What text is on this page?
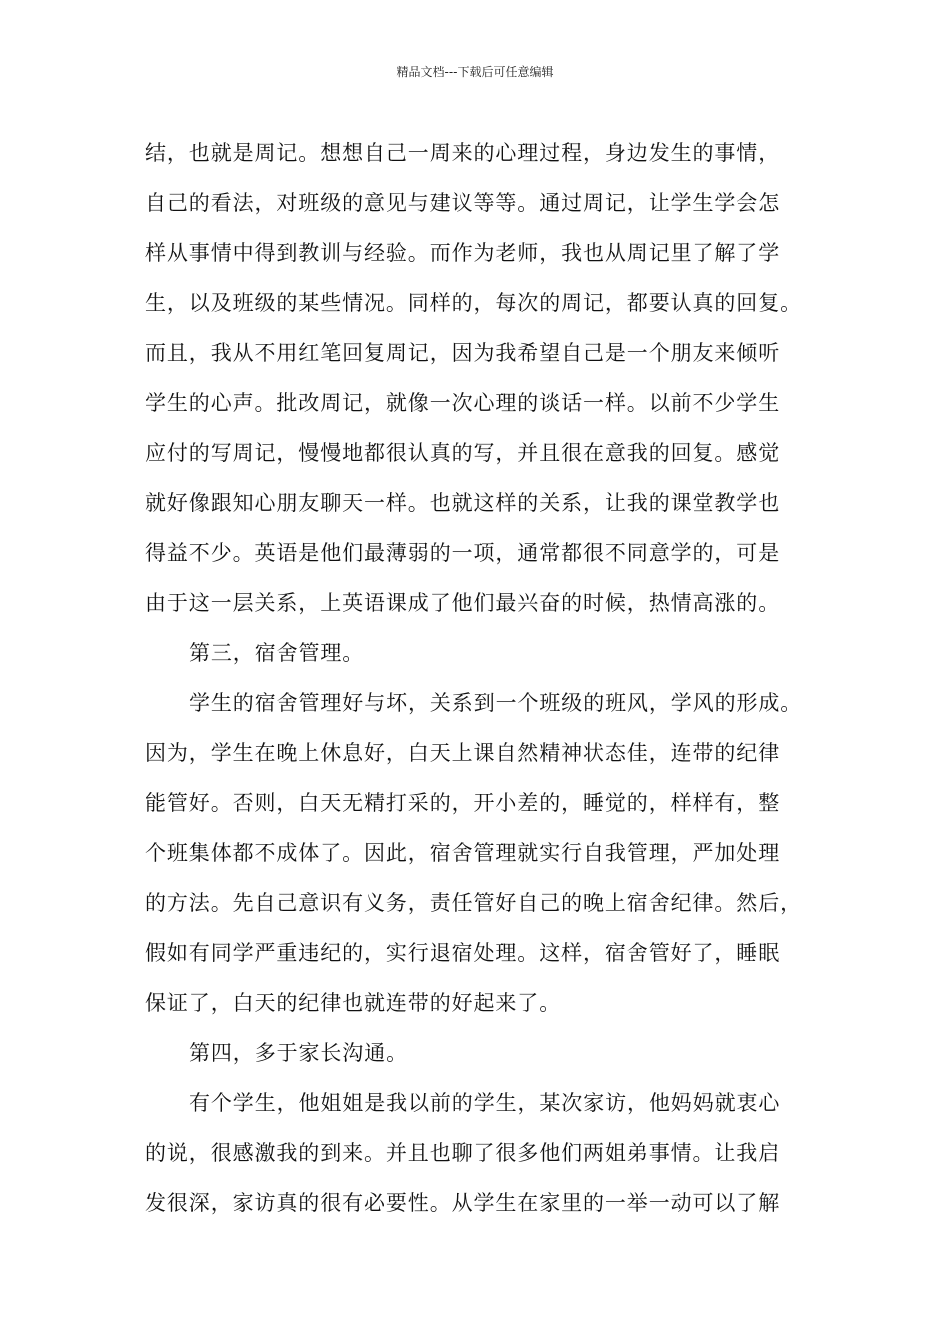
精品文档---下载后可任意编辑
结，也就是周记。想想自己一周来的心理过程，身边发生的事情，
自己的看法，对班级的意见与建议等等。通过周记，让学生学会怎
样从事情中得到教训与经验。而作为老师，我也从周记里了解了学
生，以及班级的某些情况。同样的，每次的周记，都要认真的回复。
而且，我从不用红笔回复周记，因为我希望自己是一个朋友来倾听
学生的心声。批改周记，就像一次心理的谈话一样。以前不少学生
应付的写周记，慢慢地都很认真的写，并且很在意我的回复。感觉
就好像跟知心朋友聊天一样。也就这样的关系，让我的课堂教学也
得益不少。英语是他们最薄弱的一项，通常都很不同意学的，可是
由于这一层关系，上英语课成了他们最兴奋的时候，热情高涨的。
第三，宿舍管理。
学生的宿舍管理好与坏，关系到一个班级的班风，学风的形成。
因为，学生在晚上休息好，白天上课自然精神状态佳，连带的纪律
能管好。否则，白天无精打采的，开小差的，睡觉的，样样有，整
个班集体都不成体了。因此，宿舍管理就实行自我管理，严加处理
的方法。先自己意识有义务，责任管好自己的晚上宿舍纪律。然后，
假如有同学严重违纪的，实行退宿处理。这样，宿舍管好了，睡眠
保证了，白天的纪律也就连带的好起来了。
第四，多于家长沟通。
有个学生，他姐姐是我以前的学生，某次家访，他妈妈就衷心
的说，很感激我的到来。并且也聊了很多他们两姐弟事情。让我启
发很深，家访真的很有必要性。从学生在家里的一举一动可以了解
